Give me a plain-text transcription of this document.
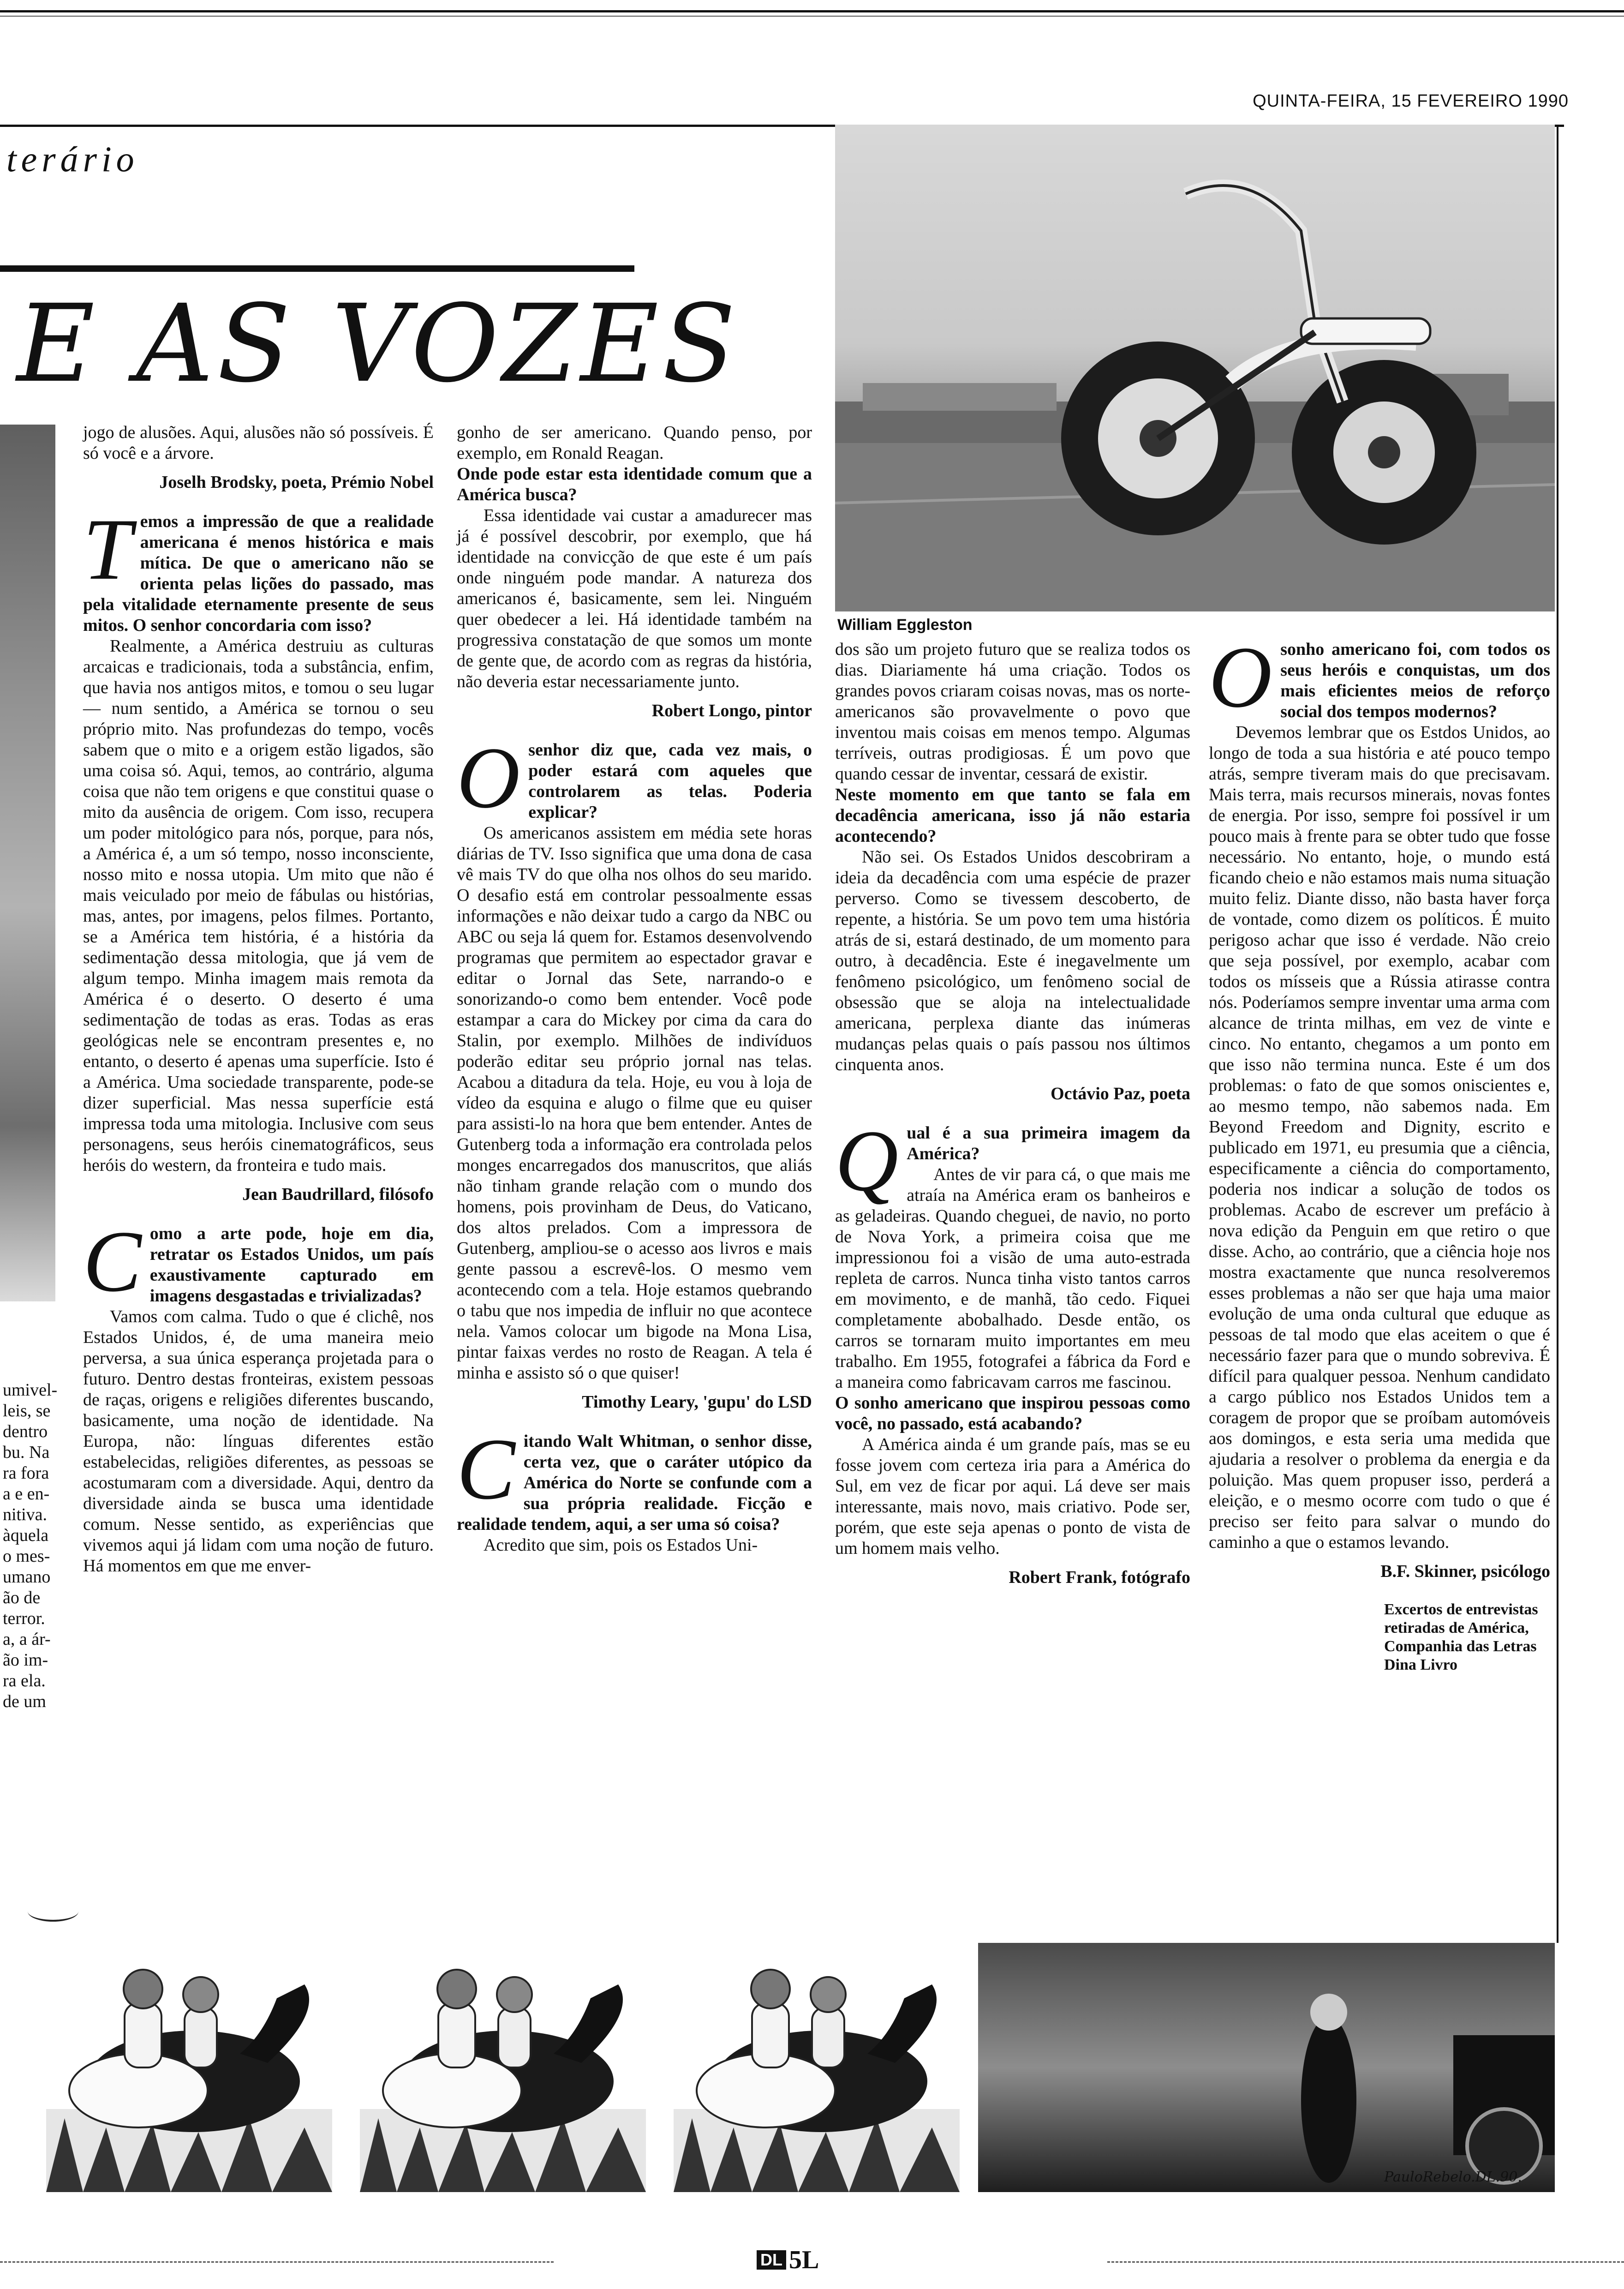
QUINTA-FEIRA, 15 FEVEREIRO 1990
terário
E AS VOZES
umivel-
leis, se
dentro
bu. Na
ra fora
a e en-
nitiva.
àquela
o mes-
umano
ão de
terror.
a, a ár-
ão im-
ra ela.
de um
William Eggleston

jogo de alusões. Aqui, alusões não só possíveis. É só você e a árvore.

Joselh Brodsky, poeta, Prémio Nobel

Temos a impressão de que a realidade americana é menos histórica e mais mítica. De que o americano não se orienta pelas lições do passado, mas pela vitalidade eternamente presente de seus mitos. O senhor concordaria com isso?

Realmente, a América destruiu as culturas arcaicas e tradicionais, toda a substância, enfim, que havia nos antigos mitos, e tomou o seu lugar — num sentido, a América se tornou o seu próprio mito. Nas profundezas do tempo, vocês sabem que o mito e a origem estão ligados, são uma coisa só. Aqui, temos, ao contrário, alguma coisa que não tem origens e que constitui quase o mito da ausência de origem. Com isso, recupera um poder mitológico para nós, porque, para nós, a América é, a um só tempo, nosso inconsciente, nosso mito e nossa utopia. Um mito que não é mais veiculado por meio de fábulas ou histórias, mas, antes, por imagens, pelos filmes. Portanto, se a América tem história, é a história da sedimentação dessa mitologia, que já vem de algum tempo. Minha imagem mais remota da América é o deserto. O deserto é uma sedimentação de todas as eras. Todas as eras geológicas nele se encontram presentes e, no entanto, o deserto é apenas uma superfície. Isto é a América. Uma sociedade transparente, pode-se dizer superficial. Mas nessa superfície está impressa toda uma mitologia. Inclusive com seus personagens, seus heróis cinematográficos, seus heróis do western, da fronteira e tudo mais.

Jean Baudrillard, filósofo

Como a arte pode, hoje em dia, retratar os Estados Unidos, um país exaustivamente capturado em imagens desgastadas e trivializadas?

Vamos com calma. Tudo o que é clichê, nos Estados Unidos, é, de uma maneira meio perversa, a sua única esperança projetada para o futuro. Dentro destas fronteiras, existem pessoas de raças, origens e religiões diferentes buscando, basicamente, uma noção de identidade. Na Europa, não: línguas diferentes estão estabelecidas, religiões diferentes, as pessoas se acostumaram com a diversidade. Aqui, dentro da diversidade ainda se busca uma identidade comum. Nesse sentido, as experiências que vivemos aqui já lidam com uma noção de futuro. Há momentos em que me enver-

gonho de ser americano. Quando penso, por exemplo, em Ronald Reagan.

Onde pode estar esta identidade comum que a América busca?

Essa identidade vai custar a amadurecer mas já é possível descobrir, por exemplo, que há identidade na convicção de que este é um país onde ninguém pode mandar. A natureza dos americanos é, basicamente, sem lei. Ninguém quer obedecer a lei. Há identidade também na progressiva constatação de que somos um monte de gente que, de acordo com as regras da história, não deveria estar necessariamente junto.

Robert Longo, pintor

Osenhor diz que, cada vez mais, o poder estará com aqueles que controlarem as telas. Poderia explicar?

Os americanos assistem em média sete horas diárias de TV. Isso significa que uma dona de casa vê mais TV do que olha nos olhos do seu marido. O desafio está em controlar pessoalmente essas informações e não deixar tudo a cargo da NBC ou ABC ou seja lá quem for. Estamos desenvolvendo programas que permitem ao espectador gravar e editar o Jornal das Sete, narrando-o e sonorizando-o como bem entender. Você pode estampar a cara do Mickey por cima da cara do Stalin, por exemplo. Milhões de indivíduos poderão editar seu próprio jornal nas telas. Acabou a ditadura da tela. Hoje, eu vou à loja de vídeo da esquina e alugo o filme que eu quiser para assisti-lo na hora que bem entender. Antes de Gutenberg toda a informação era controlada pelos monges encarregados dos manuscritos, que aliás não tinham grande relação com o mundo dos homens, pois provinham de Deus, do Vaticano, dos altos prelados. Com a impressora de Gutenberg, ampliou-se o acesso aos livros e mais gente passou a escrevê-los. O mesmo vem acontecendo com a tela. Hoje estamos quebrando o tabu que nos impedia de influir no que acontece nela. Vamos colocar um bigode na Mona Lisa, pintar faixas verdes no rosto de Reagan. A tela é minha e assisto só o que quiser!

Timothy Leary, 'gupu' do LSD

Citando Walt Whitman, o senhor disse, certa vez, que o caráter utópico da América do Norte se confunde com a sua própria realidade. Ficção e realidade tendem, aqui, a ser uma só coisa?

Acredito que sim, pois os Estados Uni-

dos são um projeto futuro que se realiza todos os dias. Diariamente há uma criação. Todos os grandes povos criaram coisas novas, mas os norte-americanos são provavelmente o povo que inventou mais coisas em menos tempo. Algumas terríveis, outras prodigiosas. É um povo que quando cessar de inventar, cessará de existir.

Neste momento em que tanto se fala em decadência americana, isso já não estaria acontecendo?

Não sei. Os Estados Unidos descobriram a ideia da decadência com uma espécie de prazer perverso. Como se tivessem descoberto, de repente, a história. Se um povo tem uma história atrás de si, estará destinado, de um momento para outro, à decadência. Este é inegavelmente um fenômeno psicológico, um fenômeno social de obsessão que se aloja na intelectualidade americana, perplexa diante das inúmeras mudanças pelas quais o país passou nos últimos cinquenta anos.

Octávio Paz, poeta

Qual é a sua primeira imagem da América?

Antes de vir para cá, o que mais me atraía na América eram os banheiros e as geladeiras. Quando cheguei, de navio, no porto de Nova York, a primeira coisa que me impressionou foi a visão de uma auto-estrada repleta de carros. Nunca tinha visto tantos carros em movimento, e de manhã, tão cedo. Fiquei completamente abobalhado. Desde então, os carros se tornaram muito importantes em meu trabalho. Em 1955, fotografei a fábrica da Ford e a maneira como fabricavam carros me fascinou.

O sonho americano que inspirou pessoas como você, no passado, está acabando?

A América ainda é um grande país, mas se eu fosse jovem com certeza iria para a América do Sul, em vez de ficar por aqui. Lá deve ser mais interessante, mais novo, mais criativo. Pode ser, porém, que este seja apenas o ponto de vista de um homem mais velho.

Robert Frank, fotógrafo

Osonho americano foi, com todos os seus heróis e conquistas, um dos mais eficientes meios de reforço social dos tempos modernos?

Devemos lembrar que os Estdos Unidos, ao longo de toda a sua história e até pouco tempo atrás, sempre tiveram mais do que precisavam. Mais terra, mais recursos minerais, novas fontes de energia. Por isso, sempre foi possível ir um pouco mais à frente para se obter tudo que fosse necessário. No entanto, hoje, o mundo está ficando cheio e não estamos mais numa situação muito feliz. Diante disso, não basta haver força de vontade, como dizem os políticos. É muito perigoso achar que isso é verdade. Não creio que seja possível, por exemplo, acabar com todos os mísseis que a Rússia atirasse contra nós. Poderíamos sempre inventar uma arma com alcance de trinta milhas, em vez de vinte e cinco. No entanto, chegamos a um ponto em que isso não termina nunca. Este é um dos problemas: o fato de que somos oniscientes e, ao mesmo tempo, não sabemos nada. Em Beyond Freedom and Dignity, escrito e publicado em 1971, eu presumia que a ciência, especificamente a ciência do comportamento, poderia nos indicar a solução de todos os problemas. Acabo de escrever um prefácio à nova edição da Penguin em que retiro o que disse. Acho, ao contrário, que a ciência hoje nos mostra exactamente que nunca resolveremos esses problemas a não ser que haja uma maior evolução de uma onda cultural que eduque as pessoas de tal modo que elas aceitem o que é necessário fazer para que o mundo sobreviva. É difícil para qualquer pessoa. Nenhum candidato a cargo público nos Estados Unidos tem a coragem de propor que se proíbam automóveis aos domingos, e esta seria uma medida que ajudaria a resolver o problema da energia e da poluição. Mas quem propuser isso, perderá a eleição, e o mesmo ocorre com tudo o que é preciso ser feito para salvar o mundo do caminho a que o estamos levando.

B.F. Skinner, psicólogo

Excertos de entrevistas
retiradas de América,
Companhia das Letras
Dina Livro
PauloRebelo.DL.90.
DL 5L
